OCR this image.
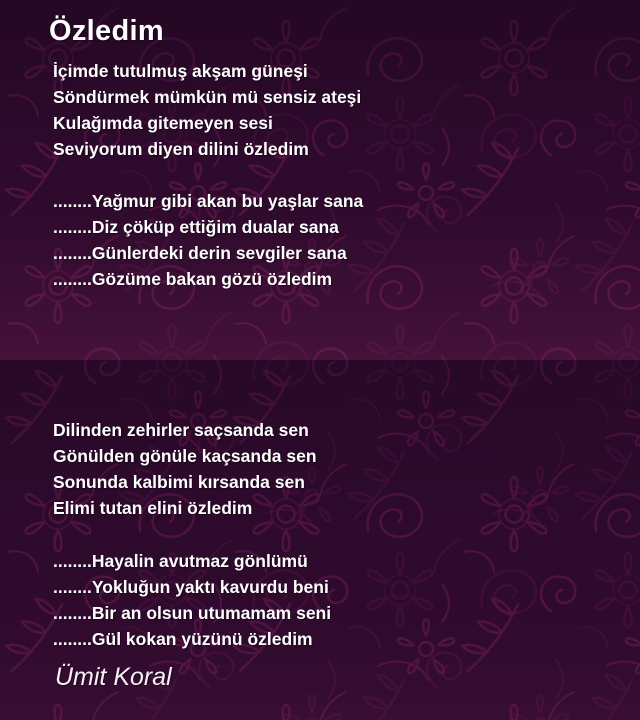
Özledim
İçimde tutulmuş akşam güneşi
Söndürmek mümkün mü sensiz ateşi
Kulağımda gitemeyen sesi
Seviyorum diyen dilini özledim
........Yağmur gibi akan bu yaşlar sana
........Diz çöküp ettiğim dualar sana
........Günlerdeki derin sevgiler sana
........Gözüme bakan gözü özledim
Dilinden zehirler saçsanda sen
Gönülden gönüle kaçsanda sen
Sonunda kalbimi kırsanda sen
Elimi tutan elini özledim
........Hayalin avutmaz gönlümü
........Yokluğun yaktı kavurdu beni
........Bir an olsun utumamam seni
........Gül kokan yüzünü özledim

Ümit Koral
